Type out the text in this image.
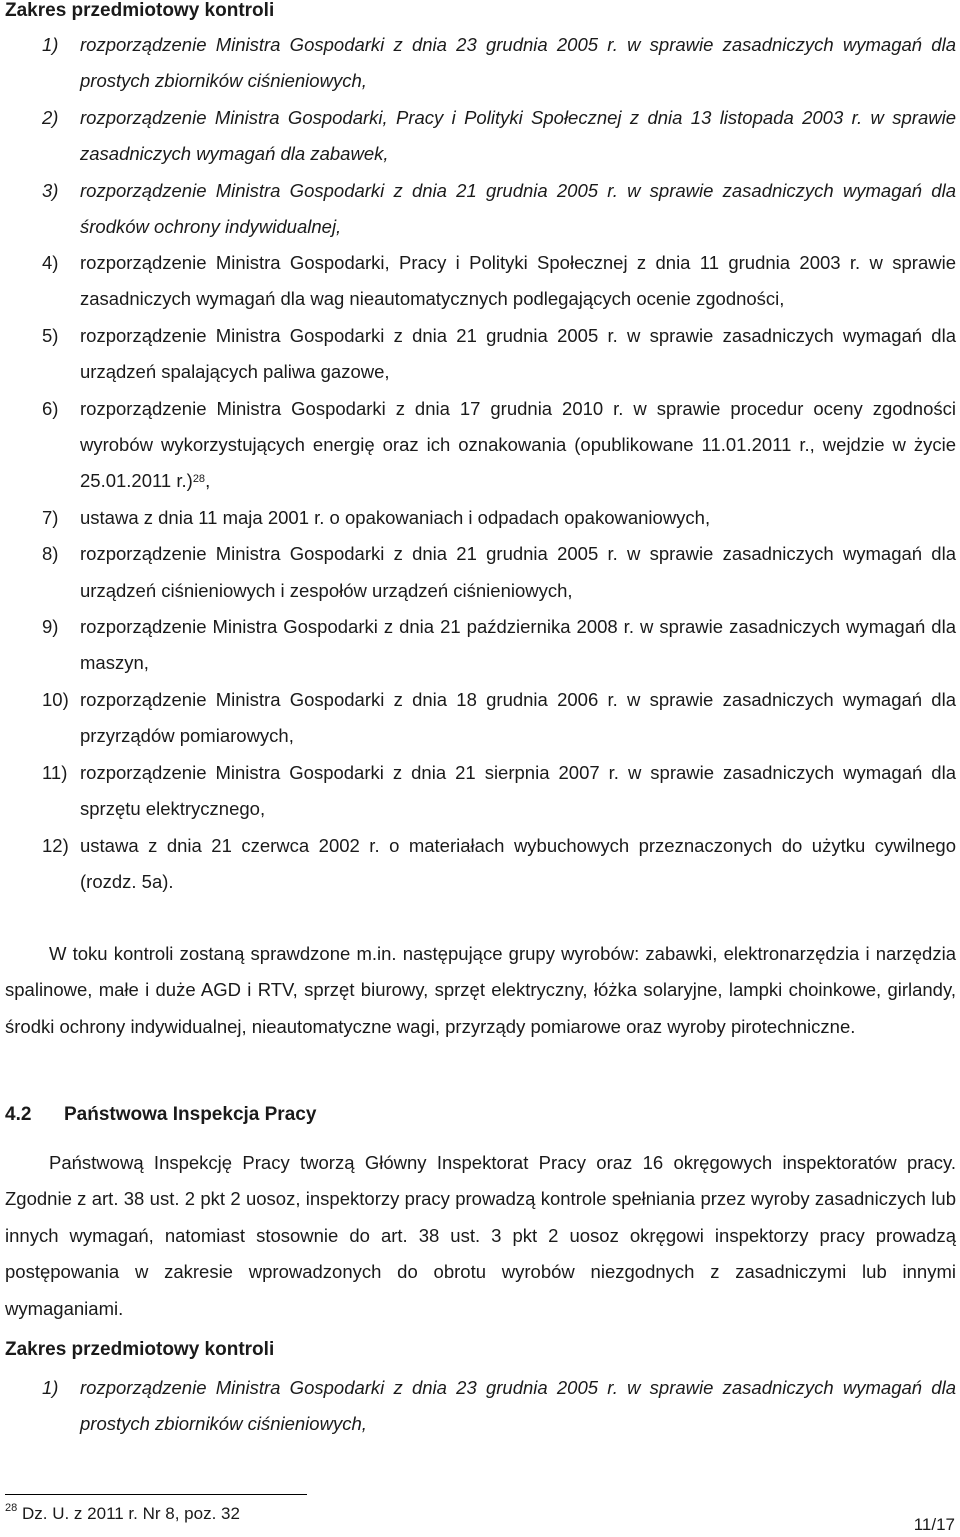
Zakres przedmiotowy kontroli
1) rozporządzenie Ministra Gospodarki z dnia 23 grudnia 2005 r. w sprawie zasadniczych wymagań dla prostych zbiorników ciśnieniowych,
2) rozporządzenie Ministra Gospodarki, Pracy i Polityki Społecznej z dnia 13 listopada 2003 r. w sprawie zasadniczych wymagań dla zabawek,
3) rozporządzenie Ministra Gospodarki z dnia 21 grudnia 2005 r. w sprawie zasadniczych wymagań dla środków ochrony indywidualnej,
4) rozporządzenie Ministra Gospodarki, Pracy i Polityki Społecznej z dnia 11 grudnia 2003 r. w sprawie zasadniczych wymagań dla wag nieautomatycznych podlegających ocenie zgodności,
5) rozporządzenie Ministra Gospodarki z dnia 21 grudnia 2005 r. w sprawie zasadniczych wymagań dla urządzeń spalających paliwa gazowe,
6) rozporządzenie Ministra Gospodarki z dnia 17 grudnia 2010 r. w sprawie procedur oceny zgodności wyrobów wykorzystujących energię oraz ich oznakowania (opublikowane 11.01.2011 r., wejdzie w życie 25.01.2011 r.)$^{28}$,
7) ustawa z dnia 11 maja 2001 r. o opakowaniach i odpadach opakowaniowych,
8) rozporządzenie Ministra Gospodarki z dnia 21 grudnia 2005 r. w sprawie zasadniczych wymagań dla urządzeń ciśnieniowych i zespołów urządzeń ciśnieniowych,
9) rozporządzenie Ministra Gospodarki z dnia 21 października 2008 r. w sprawie zasadniczych wymagań dla maszyn,
10) rozporządzenie Ministra Gospodarki z dnia 18 grudnia 2006 r. w sprawie zasadniczych wymagań dla przyrządów pomiarowych,
11) rozporządzenie Ministra Gospodarki z dnia 21 sierpnia 2007 r. w sprawie zasadniczych wymagań dla sprzętu elektrycznego,
12) ustawa z dnia 21 czerwca 2002 r. o materiałach wybuchowych przeznaczonych do użytku cywilnego (rozdz. 5a).

W toku kontroli zostaną sprawdzone m.in. następujące grupy wyrobów: zabawki, elektronarzędzia i narzędzia spalinowe, małe i duże AGD i RTV, sprzęt biurowy, sprzęt elektryczny, łóżka solaryjne, lampki choinkowe, girlandy, środki ochrony indywidualnej, nieautomatyczne wagi, przyrządy pomiarowe oraz wyroby pirotechniczne.

4.2 Państwowa Inspekcja Pracy

Państwową Inspekcję Pracy tworzą Główny Inspektorat Pracy oraz 16 okręgowych inspektoratów pracy. Zgodnie z art. 38 ust. 2 pkt 2 uosoz, inspektorzy pracy prowadzą kontrole spełniania przez wyroby zasadniczych lub innych wymagań, natomiast stosownie do art. 38 ust. 3 pkt 2 uosoz okręgowi inspektorzy pracy prowadzą postępowania w zakresie wprowadzonych do obrotu wyrobów niezgodnych z zasadniczymi lub innymi wymaganiami.

Zakres przedmiotowy kontroli
1) rozporządzenie Ministra Gospodarki z dnia 23 grudnia 2005 r. w sprawie zasadniczych wymagań dla prostych zbiorników ciśnieniowych,
$^{28}$ Dz. U. z 2011 r. Nr 8, poz. 32
11/17
